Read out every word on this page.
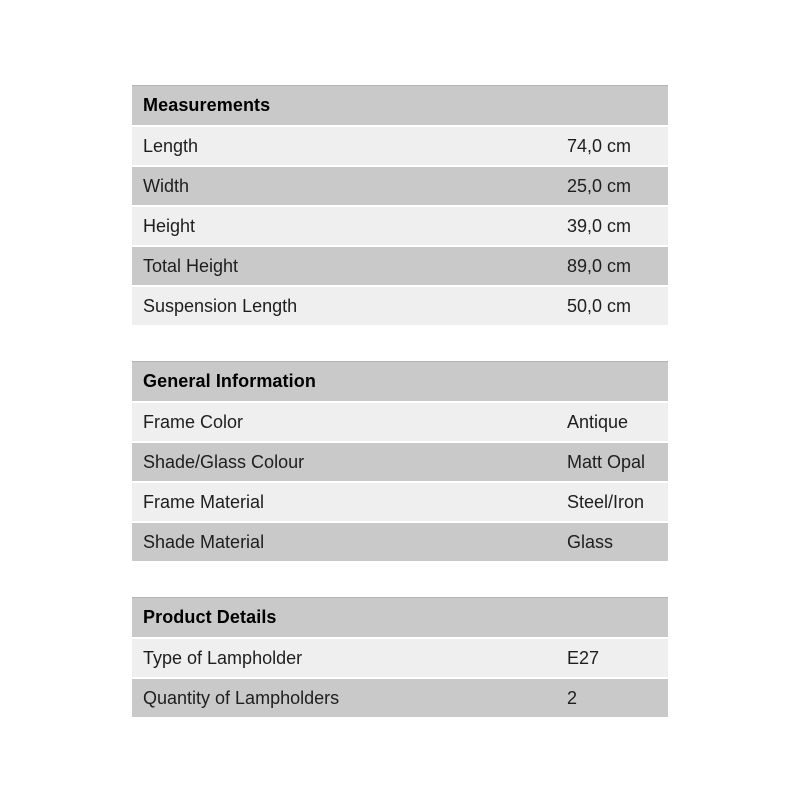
Measurements
Length	74,0 cm
Width	25,0 cm
Height	39,0 cm
Total Height	89,0 cm
Suspension Length	50,0 cm
General Information
Frame Color	Antique
Shade/Glass Colour	Matt Opal
Frame Material	Steel/Iron
Shade Material	Glass
Product Details
Type of Lampholder	E27
Quantity of Lampholders	2
